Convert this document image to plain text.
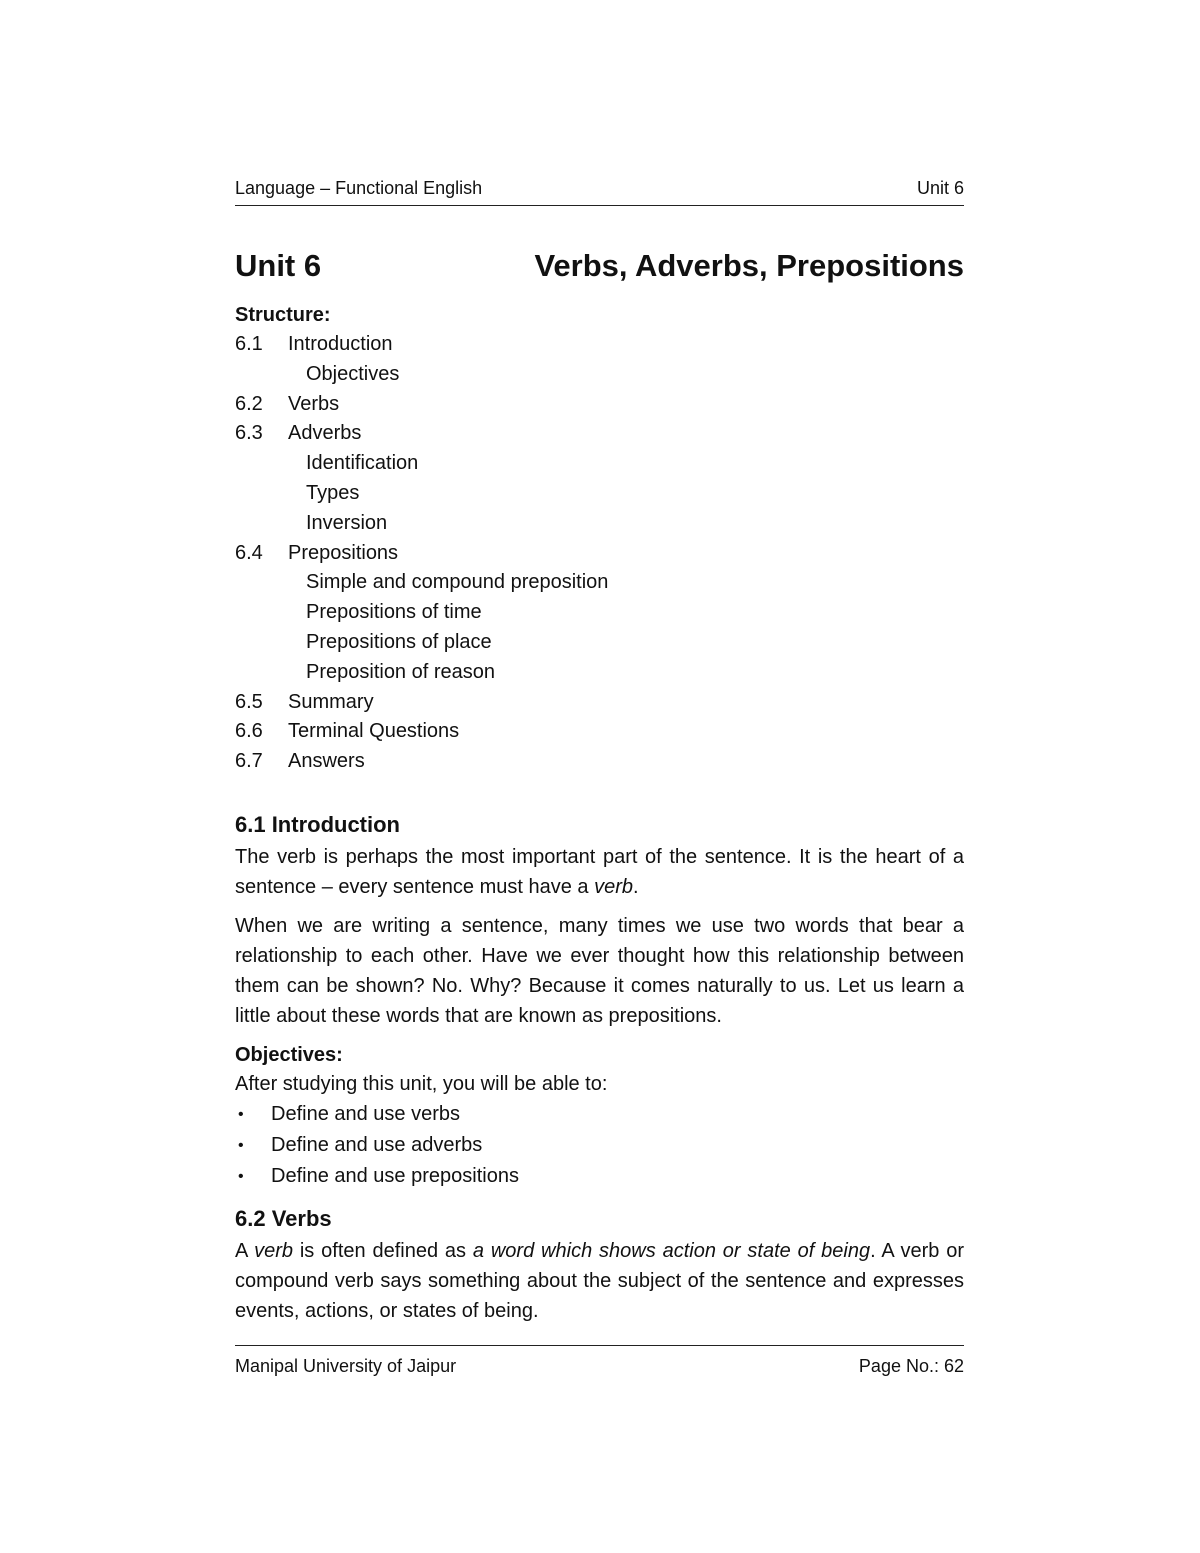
Language – Functional English	Unit 6
Unit 6	Verbs, Adverbs, Prepositions
Structure:
6.1	Introduction
Objectives
6.2	Verbs
6.3	Adverbs
Identification
Types
Inversion
6.4	Prepositions
Simple and compound preposition
Prepositions of time
Prepositions of place
Preposition of reason
6.5	Summary
6.6	Terminal Questions
6.7	Answers
6.1 Introduction

The verb is perhaps the most important part of the sentence. It is the heart of a sentence – every sentence must have a verb.

When we are writing a sentence, many times we use two words that bear a relationship to each other. Have we ever thought how this relationship between them can be shown? No. Why? Because it comes naturally to us. Let us learn a little about these words that are known as prepositions.

Objectives:

After studying this unit, you will be able to:

• Define and use verbs
• Define and use adverbs
• Define and use prepositions
6.2 Verbs

A verb is often defined as a word which shows action or state of being. A verb or compound verb says something about the subject of the sentence and expresses events, actions, or states of being.

Manipal University of Jaipur	Page No.: 62
